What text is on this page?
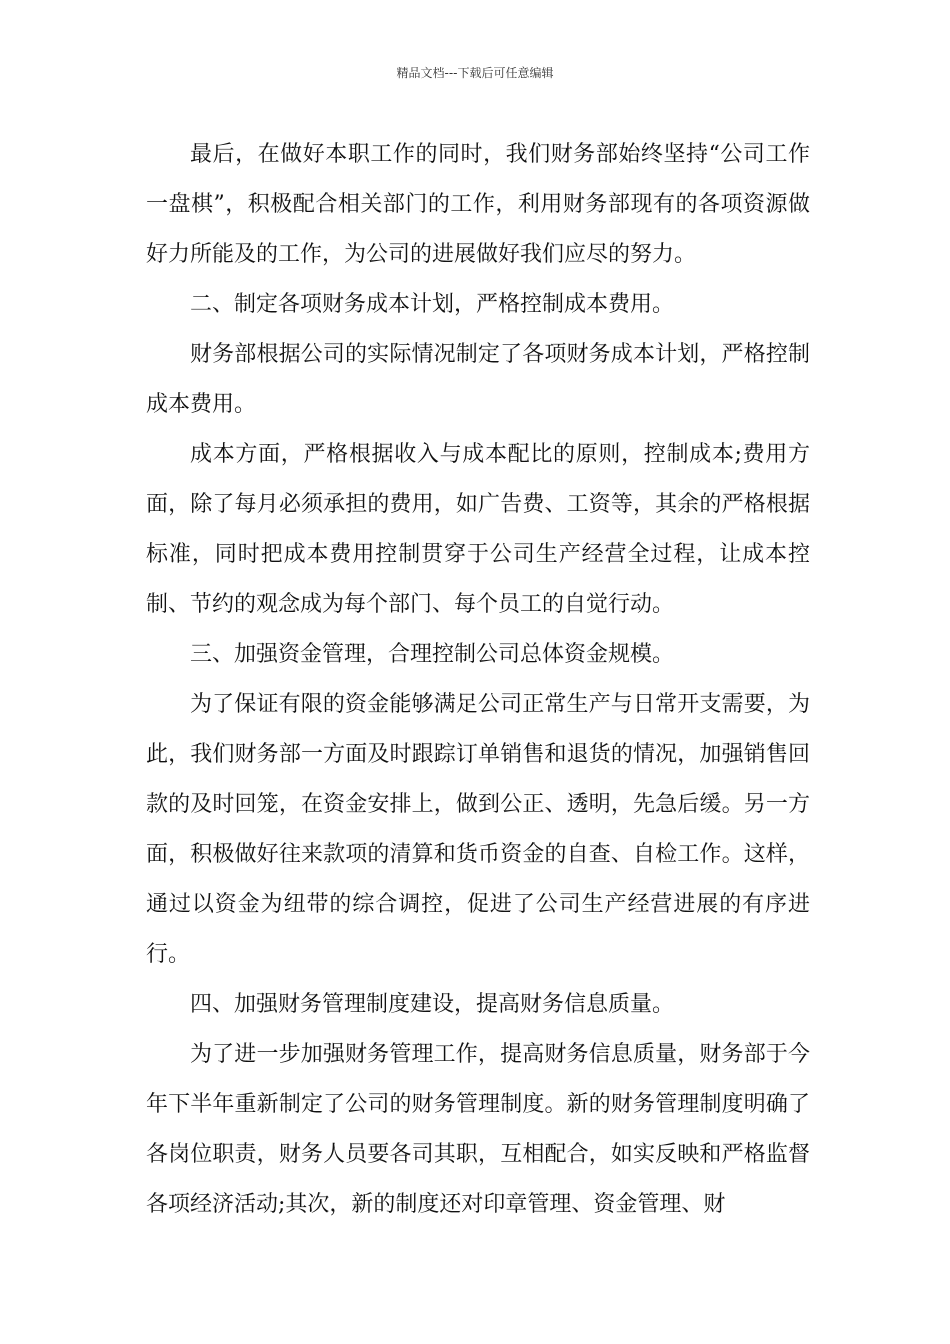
精品文档---下载后可任意编辑

最后，在做好本职工作的同时，我们财务部始终坚持“公司工作一盘棋”，积极配合相关部门的工作，利用财务部现有的各项资源做好力所能及的工作，为公司的进展做好我们应尽的努力。

二、制定各项财务成本计划，严格控制成本费用。

财务部根据公司的实际情况制定了各项财务成本计划，严格控制成本费用。

成本方面，严格根据收入与成本配比的原则，控制成本;费用方面，除了每月必须承担的费用，如广告费、工资等，其余的严格根据标准，同时把成本费用控制贯穿于公司生产经营全过程，让成本控制、节约的观念成为每个部门、每个员工的自觉行动。

三、加强资金管理，合理控制公司总体资金规模。

为了保证有限的资金能够满足公司正常生产与日常开支需要，为此，我们财务部一方面及时跟踪订单销售和退货的情况，加强销售回款的及时回笼，在资金安排上，做到公正、透明，先急后缓。另一方面，积极做好往来款项的清算和货币资金的自查、自检工作。这样，通过以资金为纽带的综合调控，促进了公司生产经营进展的有序进行。

四、加强财务管理制度建设，提高财务信息质量。

为了进一步加强财务管理工作，提高财务信息质量，财务部于今年下半年重新制定了公司的财务管理制度。新的财务管理制度明确了各岗位职责，财务人员要各司其职，互相配合，如实反映和严格监督各项经济活动;其次，新的制度还对印章管理、资金管理、财
